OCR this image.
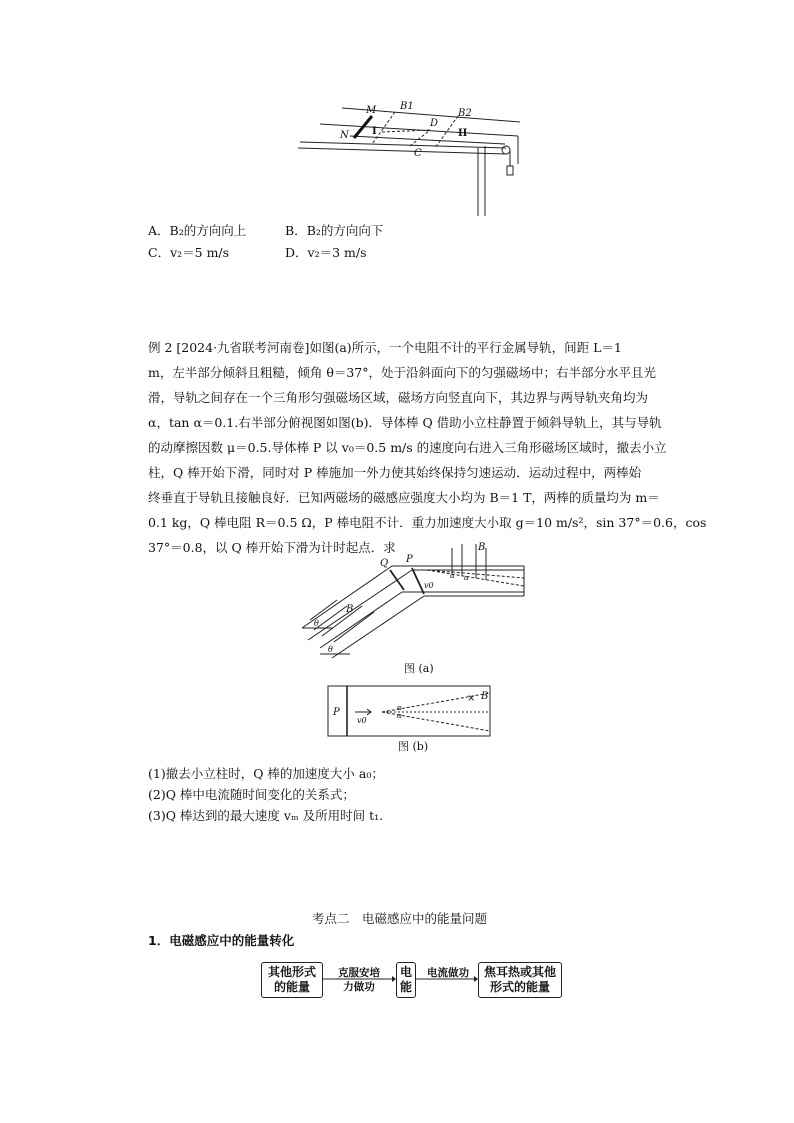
M B1
B2
N I
D
II
C
A．B₂的方向向上	B．B₂的方向向下
C．v₂＝5 m/s	D．v₂＝3 m/s
例 2 [2024·九省联考河南卷]如图(a)所示，一个电阻不计的平行金属导轨，间距 L＝1
m，左半部分倾斜且粗糙，倾角 θ＝37°，处于沿斜面向下的匀强磁场中；右半部分水平且光
滑，导轨之间存在一个三角形匀强磁场区域，磁场方向竖直向下，其边界与两导轨夹角均为
α，tan α＝0.1.右半部分俯视图如图(b)．导体棒 Q 借助小立柱静置于倾斜导轨上，其与导轨
的动摩擦因数 μ＝0.5.导体棒 P 以 v₀＝0.5 m/s 的速度向右进入三角形磁场区域时，撤去小立
柱，Q 棒开始下滑，同时对 P 棒施加一外力使其始终保持匀速运动．运动过程中，两棒始
终垂直于导轨且接触良好．已知两磁场的磁感应强度大小均为 B＝1 T，两棒的质量均为 m＝
0.1 kg，Q 棒电阻 R＝0.5 Ω，P 棒电阻不计．重力加速度大小取 g＝10 m/s²，sin 37°＝0.6，cos
37°＝0.8，以 Q 棒开始下滑为计时起点．求
Q P
B
B
v0
θ
θ
α α
图 (a)
P
v0
α
α
B
×
图 (b)
(1)撤去小立柱时，Q 棒的加速度大小 a₀；
(2)Q 棒中电流随时间变化的关系式；
(3)Q 棒达到的最大速度 vₘ 及所用时间 t₁.
考点二　电磁感应中的能量问题
1．电磁感应中的能量转化
其他形式
的能量
克服安培
力做功
电
能
电流做功	焦耳热或其他
形式的能量
